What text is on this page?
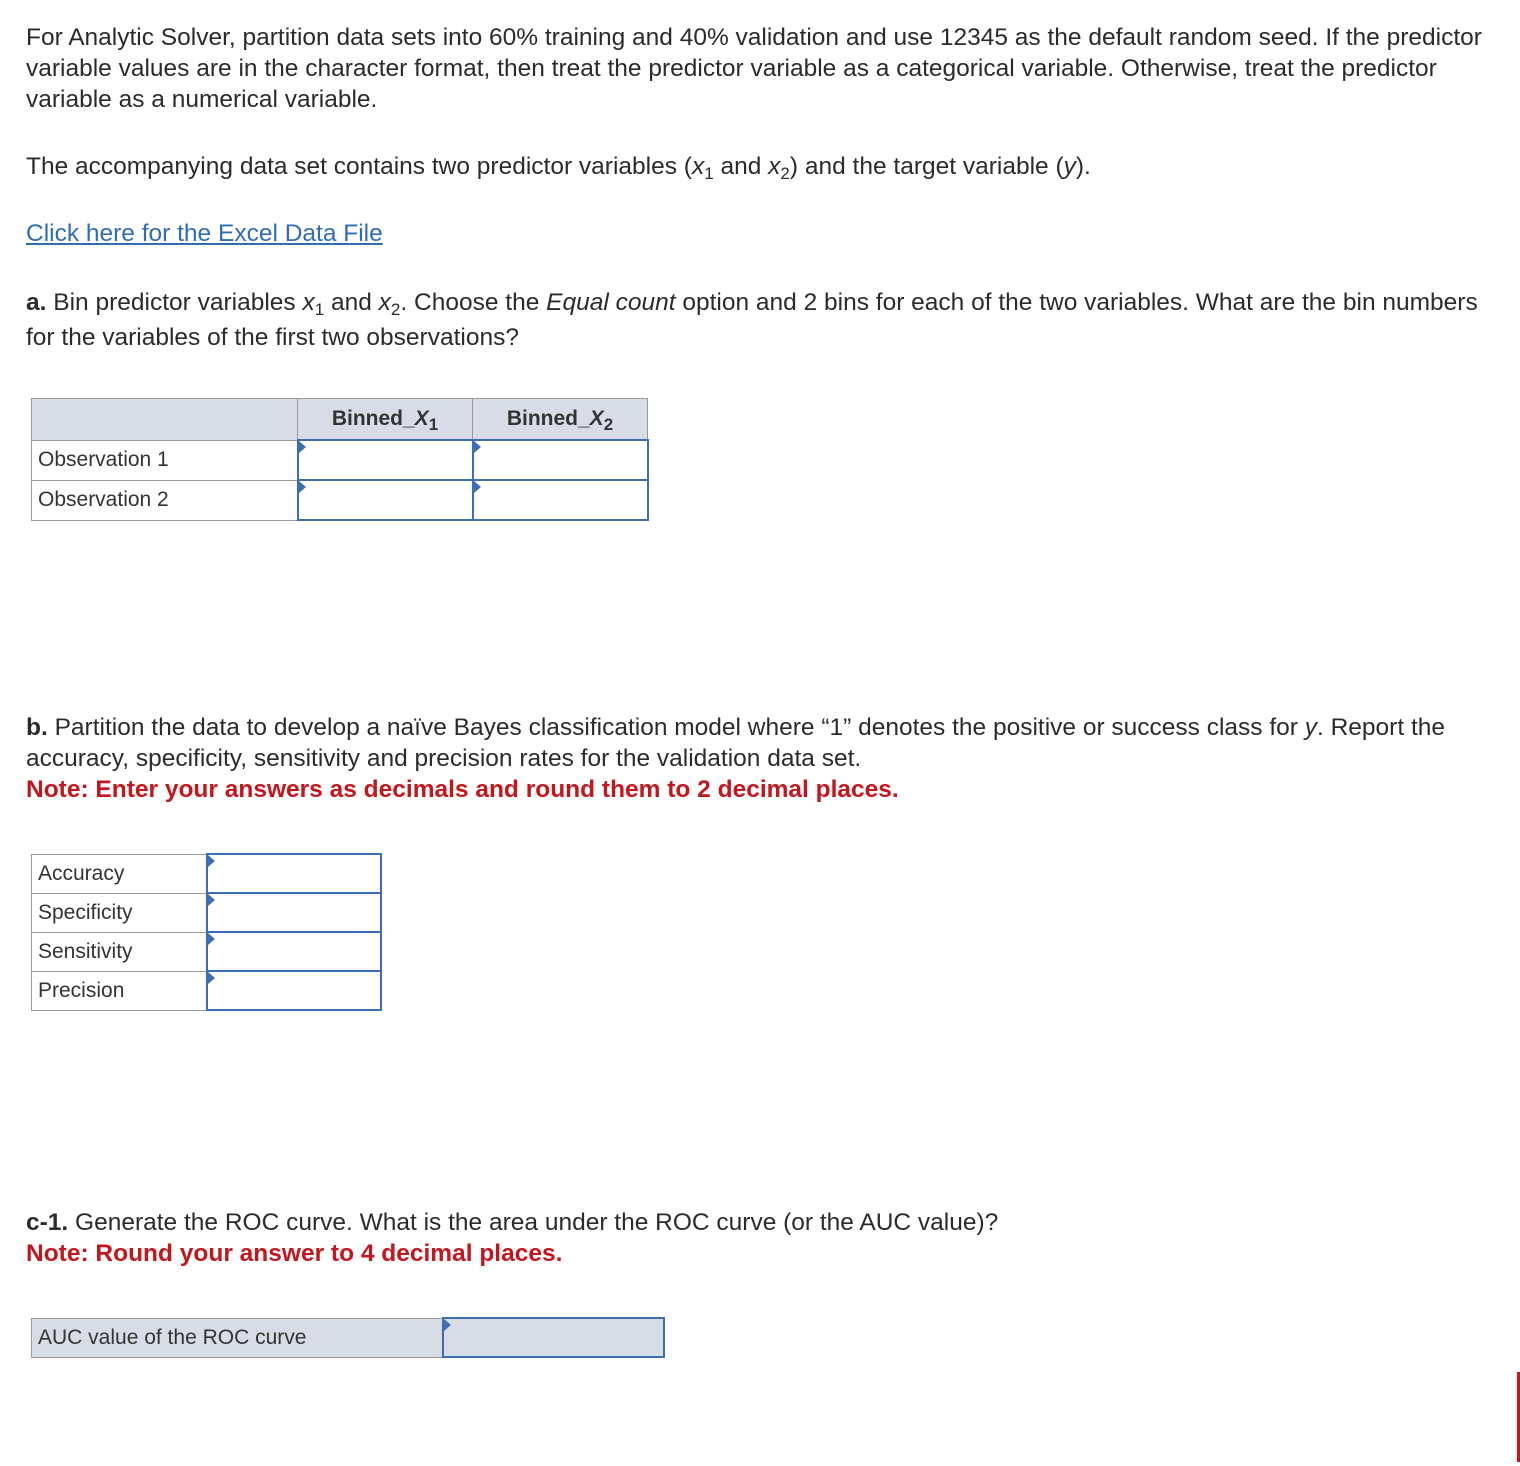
For Analytic Solver, partition data sets into 60% training and 40% validation and use 12345 as the default random seed. If the predictor variable values are in the character format, then treat the predictor variable as a categorical variable. Otherwise, treat the predictor variable as a numerical variable.

The accompanying data set contains two predictor variables ($x_1$ and $x_2$) and the target variable (y).

Click here for the Excel Data File

a. Bin predictor variables $x_1$ and $x_2$. Choose the Equal count option and 2 bins for each of the two variables. What are the bin numbers for the variables of the first two observations?

	$Binned\_X_1$	$Binned\_X_2$
Observation 1	

Observation 2	

b. Partition the data to develop a naïve Bayes classification model where “1” denotes the positive or success class for y. Report the accuracy, specificity, sensitivity and precision rates for the validation data set.
Note: Enter your answers as decimals and round them to 2 decimal places.

Accuracy	

Specificity	

Sensitivity	

Precision	

c-1. Generate the ROC curve. What is the area under the ROC curve (or the AUC value)?
Note: Round your answer to 4 decimal places.

AUC value of the ROC curve	
